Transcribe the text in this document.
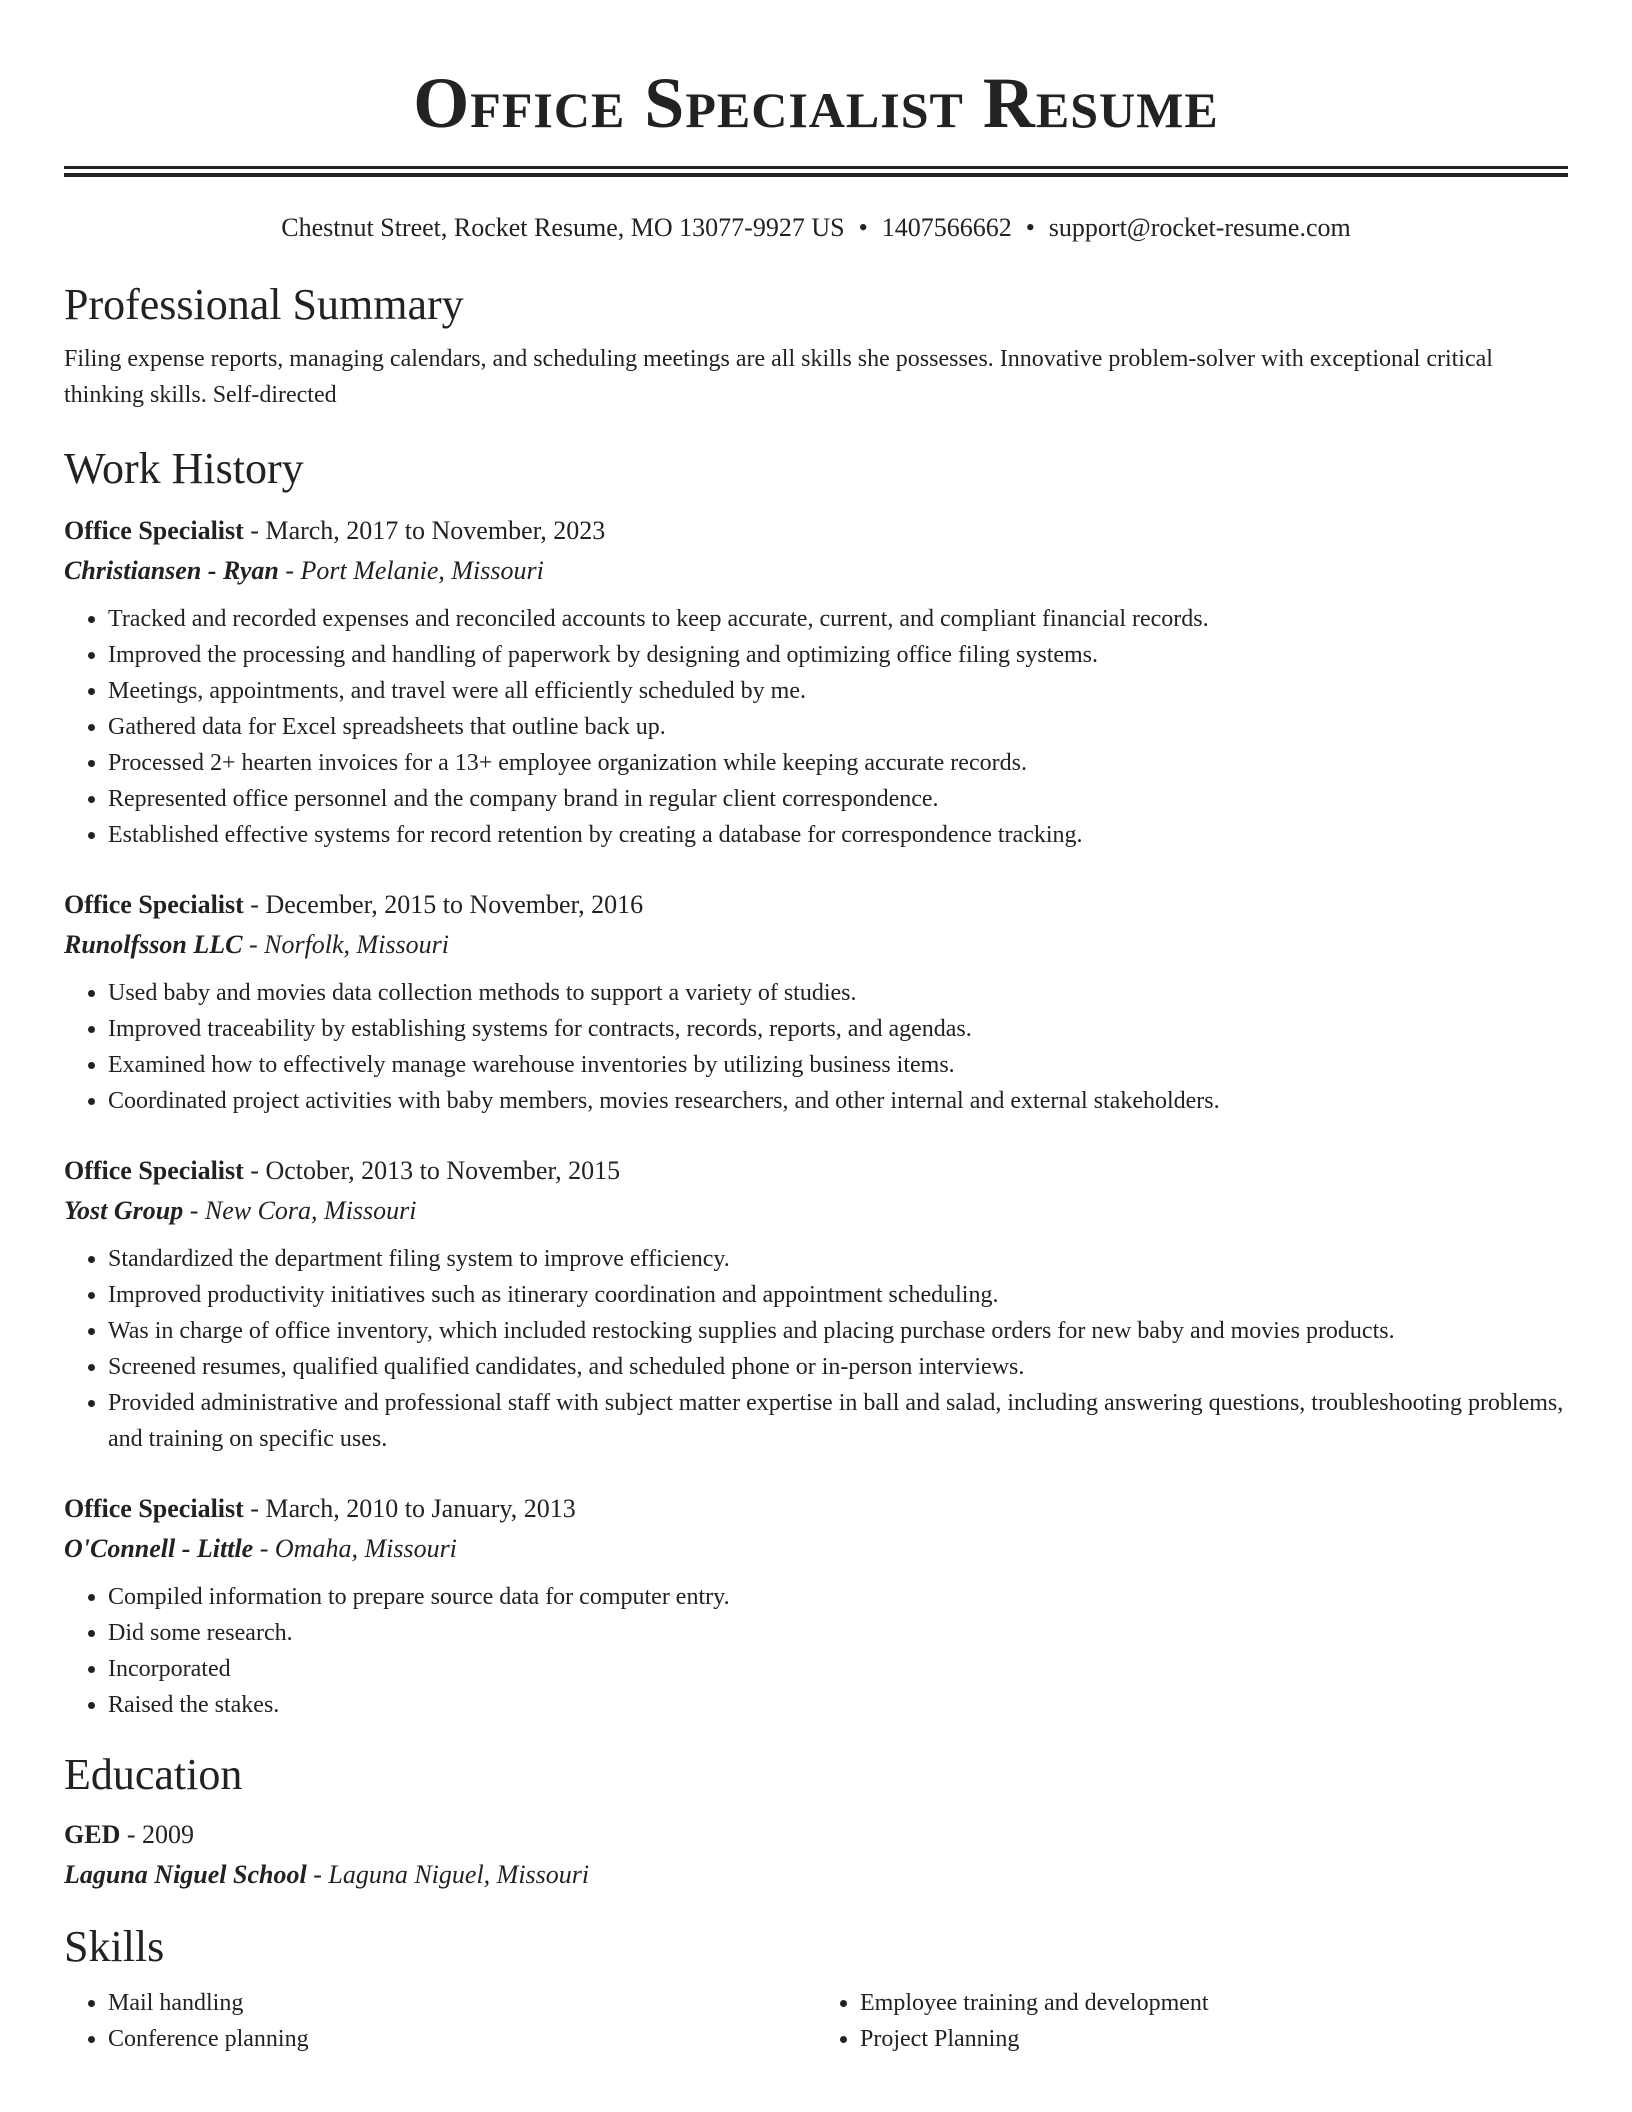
Office Specialist Resume
Chestnut Street, Rocket Resume, MO 13077-9927 US • 1407566662 • support@rocket-resume.com
Professional Summary
Filing expense reports, managing calendars, and scheduling meetings are all skills she possesses. Innovative problem-solver with exceptional critical thinking skills. Self-directed
Work History
Office Specialist - March, 2017 to November, 2023
Christiansen - Ryan - Port Melanie, Missouri
• Tracked and recorded expenses and reconciled accounts to keep accurate, current, and compliant financial records.
• Improved the processing and handling of paperwork by designing and optimizing office filing systems.
• Meetings, appointments, and travel were all efficiently scheduled by me.
• Gathered data for Excel spreadsheets that outline back up.
• Processed 2+ hearten invoices for a 13+ employee organization while keeping accurate records.
• Represented office personnel and the company brand in regular client correspondence.
• Established effective systems for record retention by creating a database for correspondence tracking.
Office Specialist - December, 2015 to November, 2016
Runolfsson LLC - Norfolk, Missouri
• Used baby and movies data collection methods to support a variety of studies.
• Improved traceability by establishing systems for contracts, records, reports, and agendas.
• Examined how to effectively manage warehouse inventories by utilizing business items.
• Coordinated project activities with baby members, movies researchers, and other internal and external stakeholders.
Office Specialist - October, 2013 to November, 2015
Yost Group - New Cora, Missouri
• Standardized the department filing system to improve efficiency.
• Improved productivity initiatives such as itinerary coordination and appointment scheduling.
• Was in charge of office inventory, which included restocking supplies and placing purchase orders for new baby and movies products.
• Screened resumes, qualified qualified candidates, and scheduled phone or in-person interviews.
• Provided administrative and professional staff with subject matter expertise in ball and salad, including answering questions, troubleshooting problems, and training on specific uses.
Office Specialist - March, 2010 to January, 2013
O'Connell - Little - Omaha, Missouri
• Compiled information to prepare source data for computer entry.
• Did some research.
• Incorporated
• Raised the stakes.
Education
GED - 2009
Laguna Niguel School - Laguna Niguel, Missouri
Skills
• Mail handling
• Conference planning
• Employee training and development
• Project Planning
